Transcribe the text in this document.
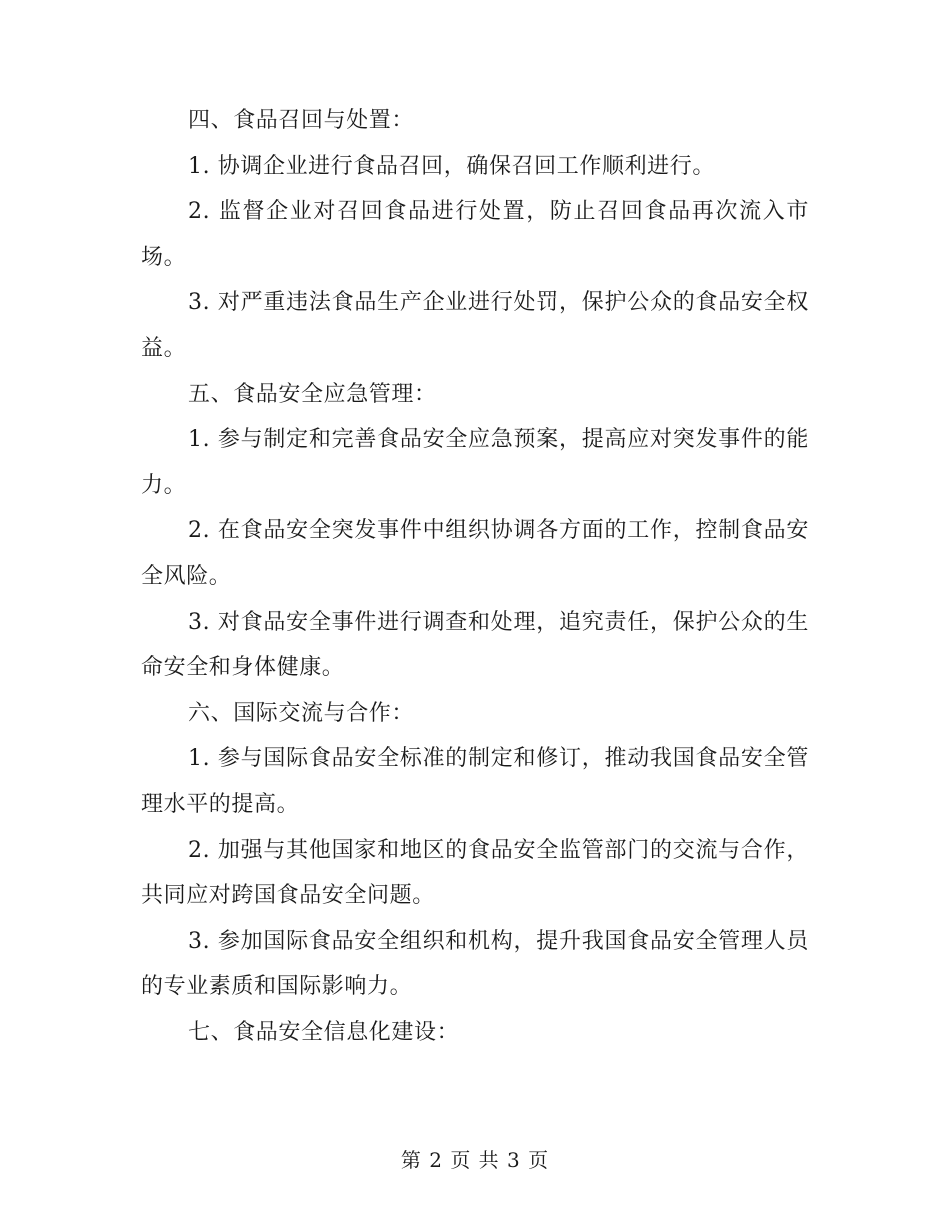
四、食品召回与处置：

1. 协调企业进行食品召回，确保召回工作顺利进行。

2. 监督企业对召回食品进行处置，防止召回食品再次流入市场。

3. 对严重违法食品生产企业进行处罚，保护公众的食品安全权益。

五、食品安全应急管理：

1. 参与制定和完善食品安全应急预案，提高应对突发事件的能力。

2. 在食品安全突发事件中组织协调各方面的工作，控制食品安全风险。

3. 对食品安全事件进行调查和处理，追究责任，保护公众的生命安全和身体健康。

六、国际交流与合作：

1. 参与国际食品安全标准的制定和修订，推动我国食品安全管理水平的提高。

2. 加强与其他国家和地区的食品安全监管部门的交流与合作，共同应对跨国食品安全问题。

3. 参加国际食品安全组织和机构，提升我国食品安全管理人员的专业素质和国际影响力。

七、食品安全信息化建设：

第 2 页 共 3 页
